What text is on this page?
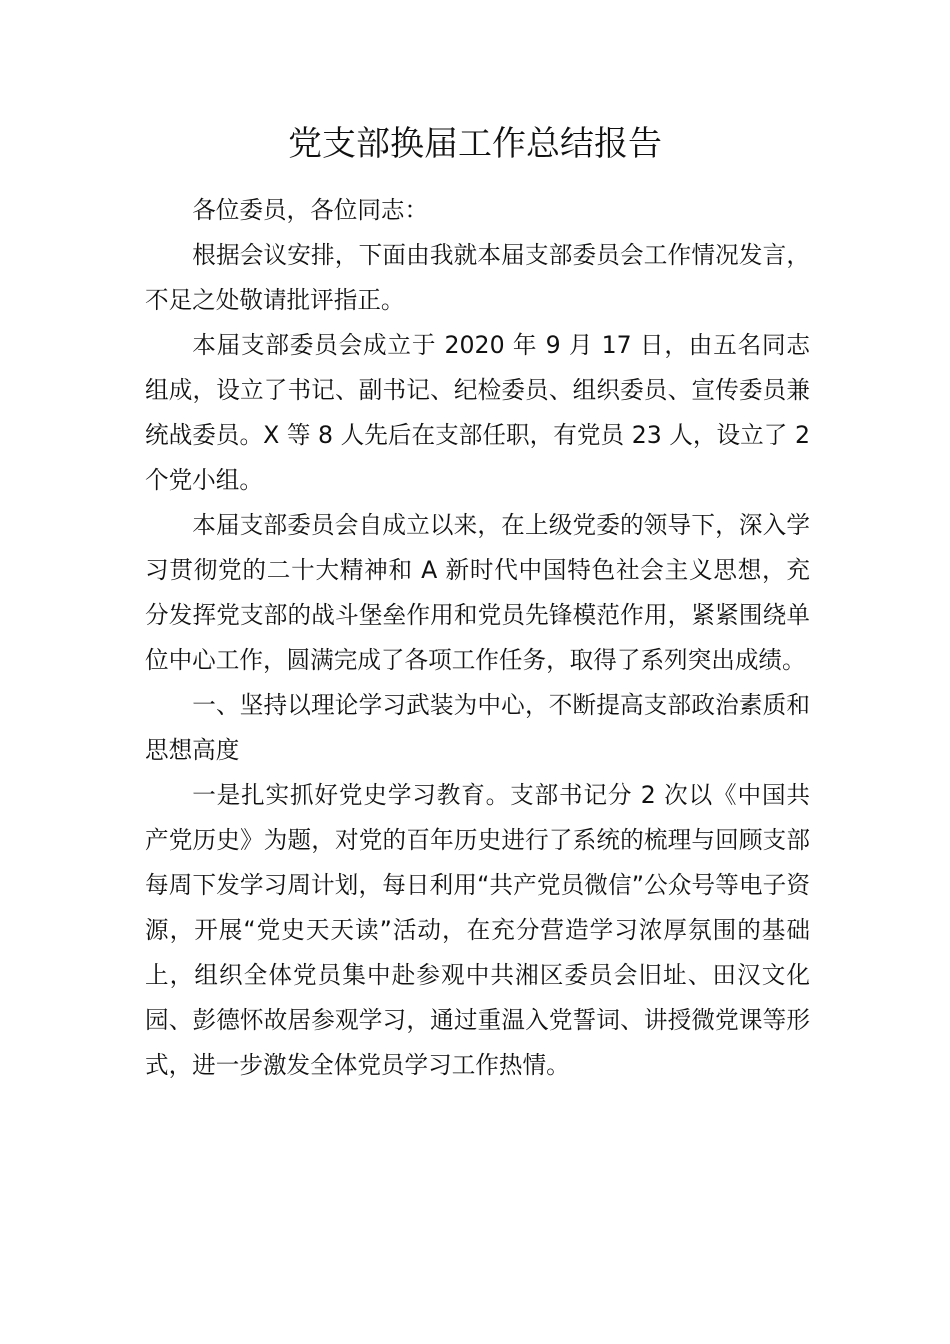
党支部换届工作总结报告

各位委员，各位同志：

根据会议安排，下面由我就本届支部委员会工作情况发言，不足之处敬请批评指正。

本届支部委员会成立于 2020 年 9 月 17 日，由五名同志组成，设立了书记、副书记、纪检委员、组织委员、宣传委员兼统战委员。X 等 8 人先后在支部任职，有党员 23 人，设立了 2 个党小组。

本届支部委员会自成立以来，在上级党委的领导下，深入学习贯彻党的二十大精神和 A 新时代中国特色社会主义思想，充分发挥党支部的战斗堡垒作用和党员先锋模范作用，紧紧围绕单位中心工作，圆满完成了各项工作任务，取得了系列突出成绩。

一、坚持以理论学习武装为中心，不断提高支部政治素质和思想高度

一是扎实抓好党史学习教育。支部书记分 2 次以《中国共产党历史》为题，对党的百年历史进行了系统的梳理与回顾支部每周下发学习周计划，每日利用“共产党员微信”公众号等电子资源，开展“党史天天读”活动，在充分营造学习浓厚氛围的基础上，组织全体党员集中赴参观中共湘区委员会旧址、田汉文化园、彭德怀故居参观学习，通过重温入党誓词、讲授微党课等形式，进一步激发全体党员学习工作热情。
